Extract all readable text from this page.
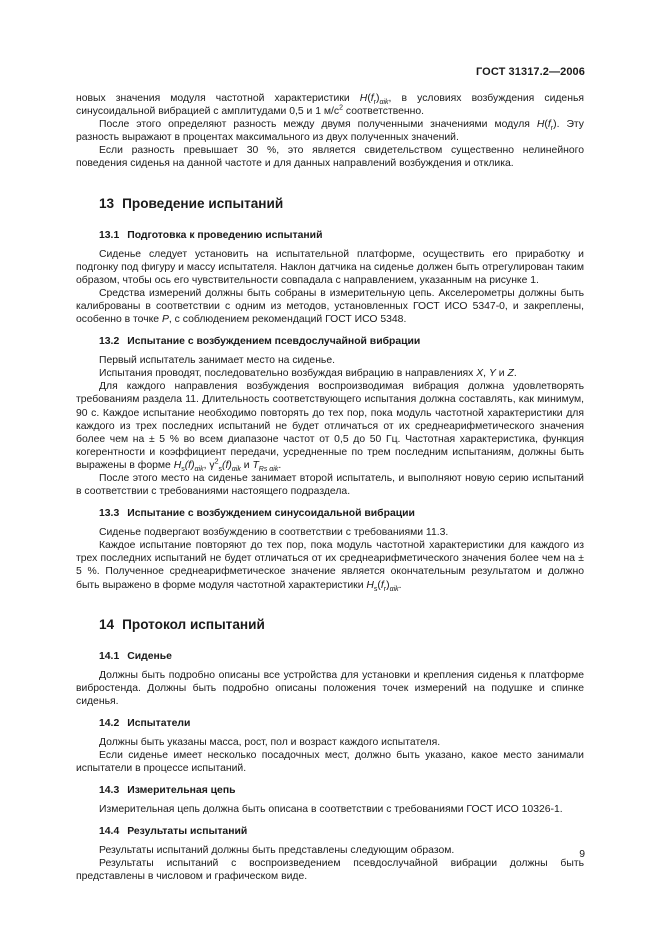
ГОСТ 31317.2—2006

новых значения модуля частотной характеристики $H(f_r)_{\alpha ik}$, в условиях возбуждения сиденья синусоидальной вибрацией с амплитудами 0,5 и 1 $м/с^2$ соответственно.

После этого определяют разность между двумя полученными значениями модуля $H(f_r)$. Эту разность выражают в процентах максимального из двух полученных значений.

Если разность превышает 30 %, это является свидетельством существенно нелинейного поведения сиденья на данной частоте и для данных направлений возбуждения и отклика.

13 Проведение испытаний
13.1 Подготовка к проведению испытаний

Сиденье следует установить на испытательной платформе, осуществить его приработку и подгонку под фигуру и массу испытателя. Наклон датчика на сиденье должен быть отрегулирован таким образом, чтобы ось его чувствительности совпадала с направлением, указанным на рисунке 1.

Средства измерений должны быть собраны в измерительную цепь. Акселерометры должны быть калиброваны в соответствии с одним из методов, установленных ГОСТ ИСО 5347-0, и закреплены, особенно в точке P, с соблюдением рекомендаций ГОСТ ИСО 5348.

13.2 Испытание с возбуждением псевдослучайной вибрации

Первый испытатель занимает место на сиденье.

Испытания проводят, последовательно возбуждая вибрацию в направлениях X, Y и Z.

Для каждого направления возбуждения воспроизводимая вибрация должна удовлетворять требованиям раздела 11. Длительность соответствующего испытания должна составлять, как минимум, 90 с. Каждое испытание необходимо повторять до тех пор, пока модуль частотной характеристики для каждого из трех последних испытаний не будет отличаться от их среднеарифметического значения более чем на ± 5 % во всем диапазоне частот от 0,5 до 50 Гц. Частотная характеристика, функция когерентности и коэффициент передачи, усредненные по трем последним испытаниям, должны быть выражены в форме $H_s(f)_{\alpha ik}$, $\gamma^2_s(f)_{\alpha ik}$ и $T_{Rs \alpha ik}$.

После этого место на сиденье занимает второй испытатель, и выполняют новую серию испытаний в соответствии с требованиями настоящего подраздела.

13.3 Испытание с возбуждением синусоидальной вибрации

Сиденье подвергают возбуждению в соответствии с требованиями 11.3.

Каждое испытание повторяют до тех пор, пока модуль частотной характеристики для каждого из трех последних испытаний не будет отличаться от их среднеарифметического значения более чем на ± 5 %. Полученное среднеарифметическое значение является окончательным результатом и должно быть выражено в форме модуля частотной характеристики $H_s(f_r)_{\alpha ik}$.

14 Протокол испытаний
14.1 Сиденье

Должны быть подробно описаны все устройства для установки и крепления сиденья к платформе вибростенда. Должны быть подробно описаны положения точек измерений на подушке и спинке сиденья.

14.2 Испытатели

Должны быть указаны масса, рост, пол и возраст каждого испытателя.

Если сиденье имеет несколько посадочных мест, должно быть указано, какое место занимали испытатели в процессе испытаний.

14.3 Измерительная цепь

Измерительная цепь должна быть описана в соответствии с требованиями ГОСТ ИСО 10326-1.

14.4 Результаты испытаний

Результаты испытаний должны быть представлены следующим образом.

Результаты испытаний с воспроизведением псевдослучайной вибрации должны быть представлены в числовом и графическом виде.

9
